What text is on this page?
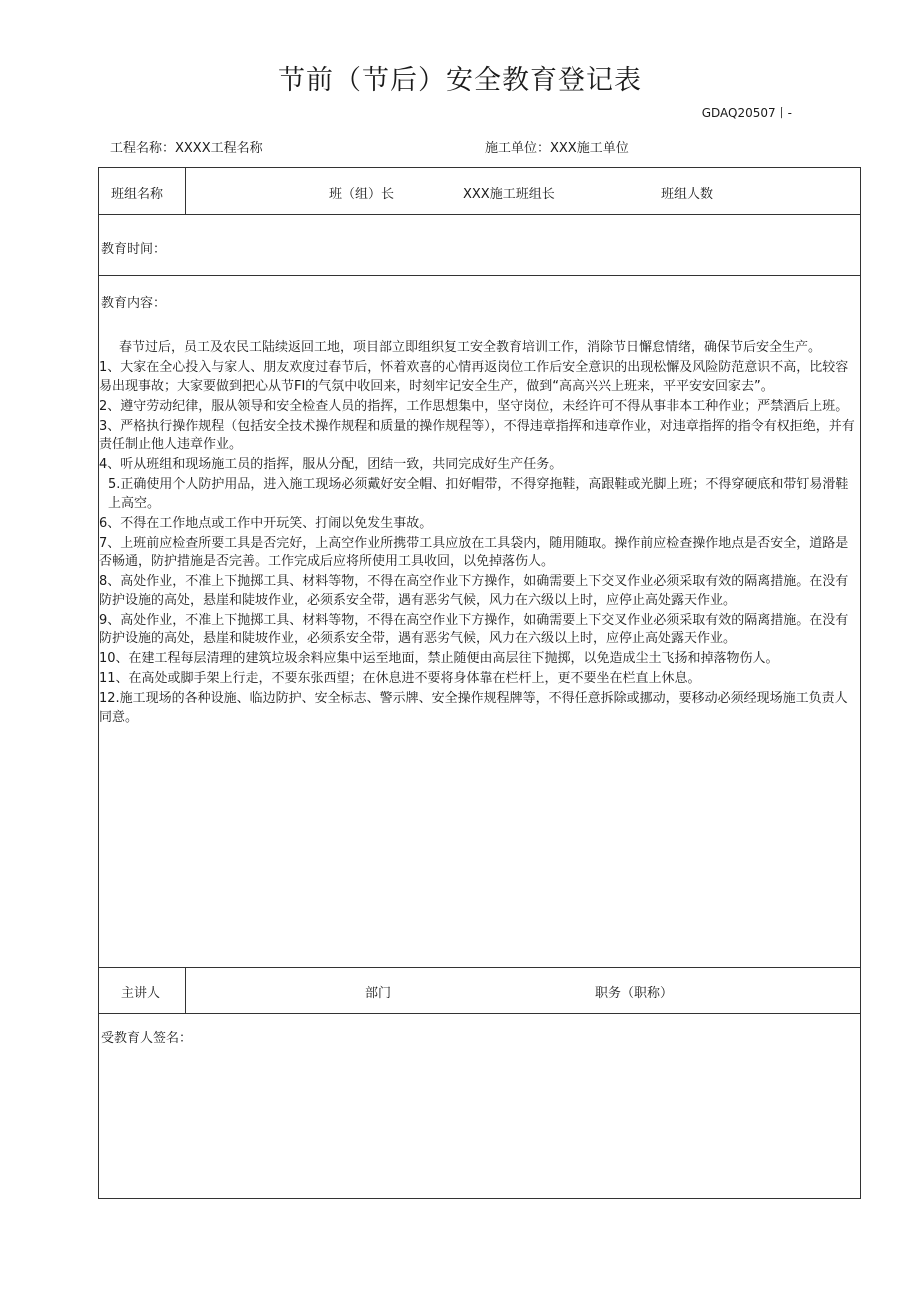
节前（节后）安全教育登记表
GDAQ20507丨-
工程名称：XXXX工程名称	施工单位：XXX施工单位
班组名称	班（组）长	XXX施工班组长	班组人数
教育时间：
教育内容：

春节过后，员工及农民工陆续返回工地，项目部立即组织复工安全教育培训工作，消除节日懈怠情绪，确保节后安全生产。

1、大家在全心投入与家人、朋友欢度过春节后，怀着欢喜的心情再返岗位工作后安全意识的出现松懈及风险防范意识不高，比较容易出现事故；大家要做到把心从节FI的气氛中收回来，时刻牢记安全生产，做到“高高兴兴上班来，平平安安回家去”。

2、遵守劳动纪律，服从领导和安全检查人员的指挥，工作思想集中，坚守岗位，未经许可不得从事非本工种作业；严禁酒后上班。

3、严格执行操作规程（包括安全技术操作规程和质量的操作规程等），不得违章指挥和违章作业，对违章指挥的指令有权拒绝，并有责任制止他人违章作业。

4、听从班组和现场施工员的指挥，服从分配，团结一致，共同完成好生产任务。

5.正确使用个人防护用品，进入施工现场必须戴好安全帽、扣好帽带，不得穿拖鞋，高跟鞋或光脚上班；不得穿硬底和带钉易滑鞋上高空。

6、不得在工作地点或工作中开玩笑、打闹以免发生事故。

7、上班前应检查所要工具是否完好，上高空作业所携带工具应放在工具袋内，随用随取。操作前应检查操作地点是否安全，道路是否畅通，防护措施是否完善。工作完成后应将所使用工具收回，以免掉落伤人。

8、高处作业，不准上下抛掷工具、材料等物，不得在高空作业下方操作，如确需要上下交叉作业必须采取有效的隔离措施。在没有防护设施的高处，悬崖和陡坡作业，必须系安全带，遇有恶劣气候，风力在六级以上时，应停止高处露天作业。

9、高处作业，不准上下抛掷工具、材料等物，不得在高空作业下方操作，如确需要上下交叉作业必须采取有效的隔离措施。在没有防护设施的高处，悬崖和陡坡作业，必须系安全带，遇有恶劣气候，风力在六级以上时，应停止高处露天作业。

10、在建工程每层清理的建筑垃圾余料应集中运至地面，禁止随便由高层往下抛掷，以免造成尘土飞扬和掉落物伤人。

11、在高处或脚手架上行走，不要东张西望；在休息进不要将身体靠在栏杆上，更不要坐在栏直上休息。

12.施工现场的各种设施、临边防护、安全标志、警示牌、安全操作规程牌等，不得任意拆除或挪动，要移动必须经现场施工负责人同意。

主讲人	部门	职务（职称）
受教育人签名：
